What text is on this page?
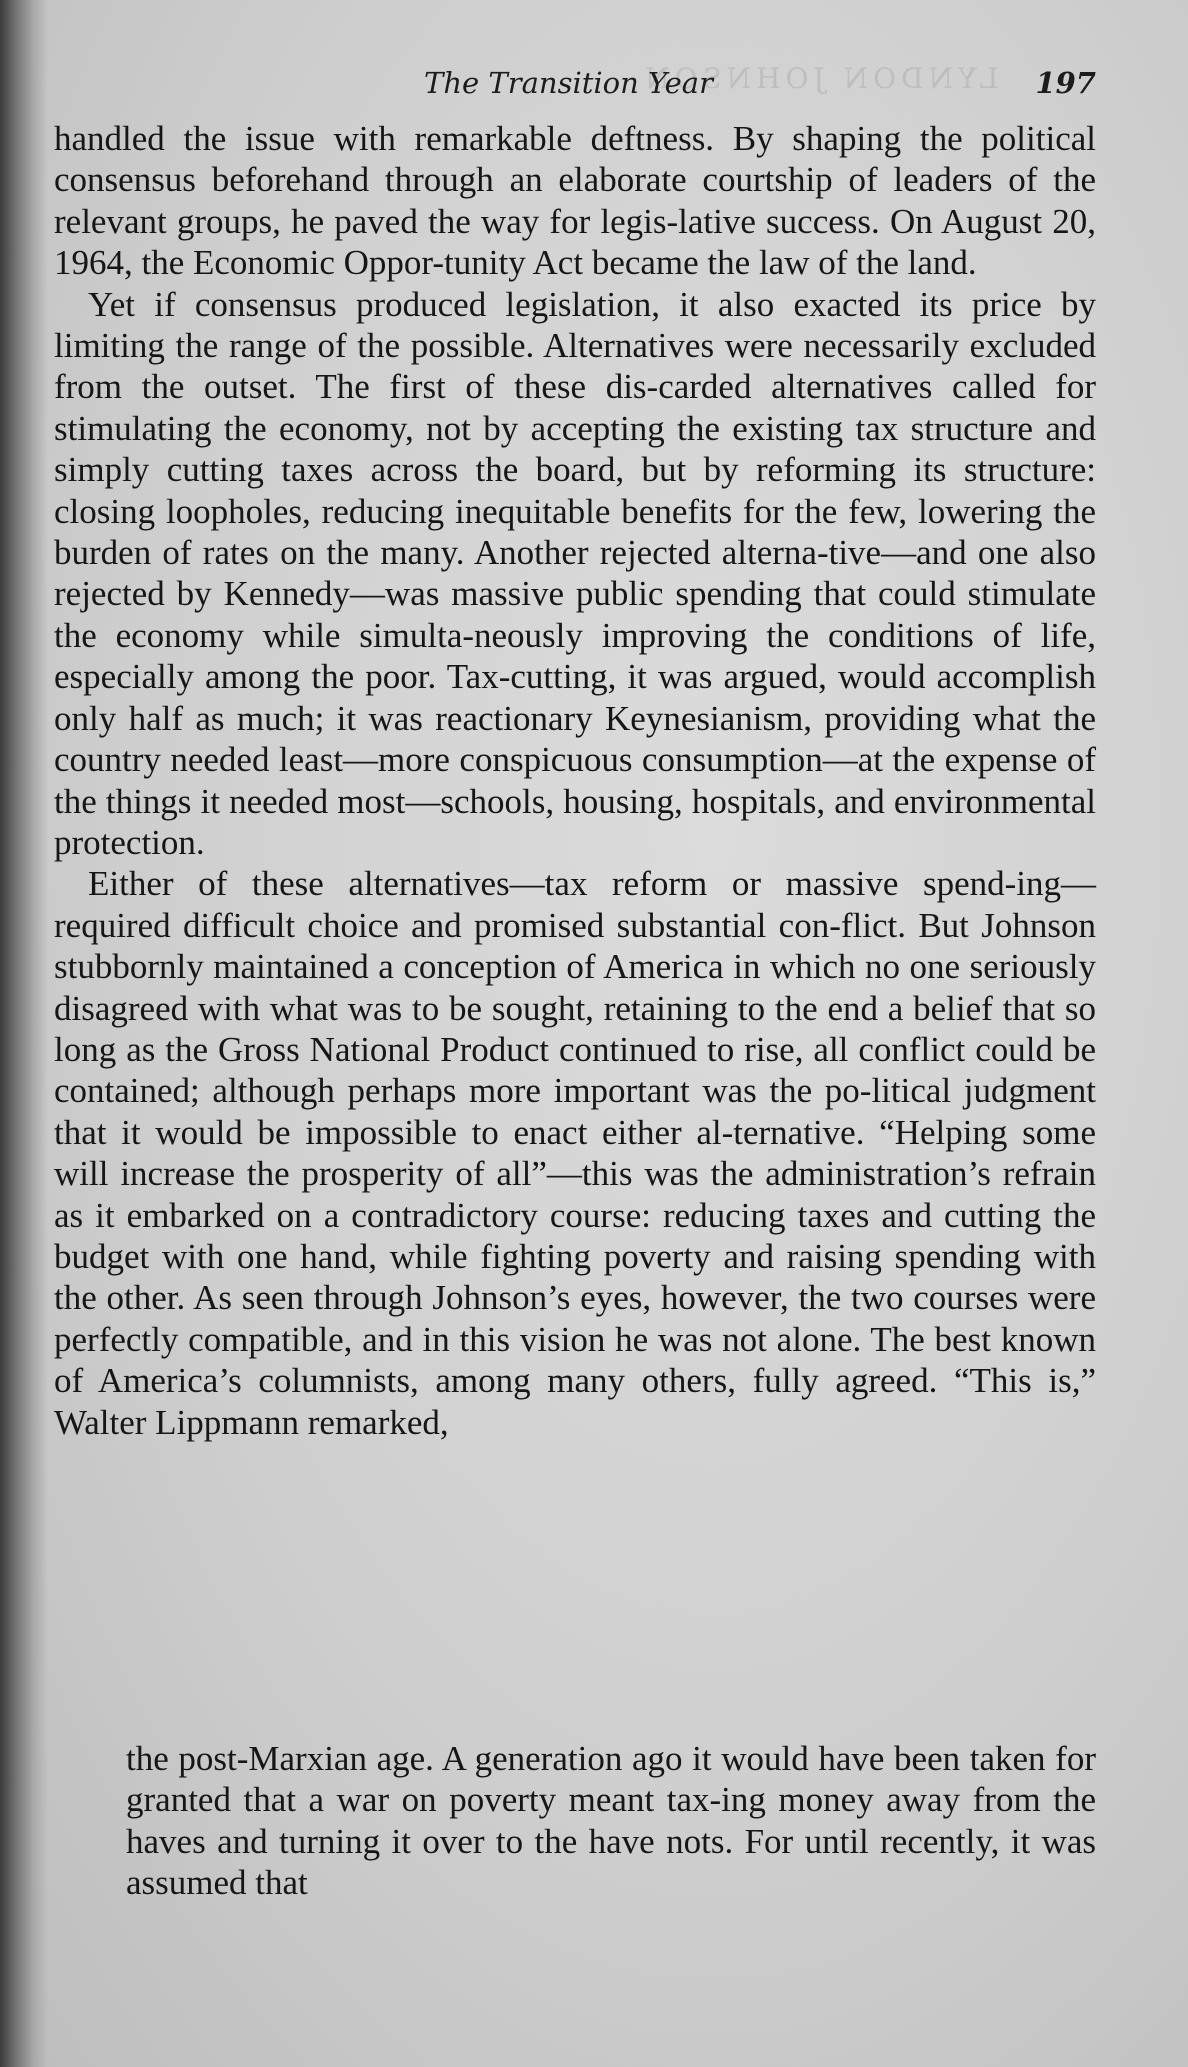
LYNDON JOHNSON
The Transition Year	197

handled the issue with remarkable deftness. By shaping the political consensus beforehand through an elaborate courtship of leaders of the relevant groups, he paved the way for legis-lative success. On August 20, 1964, the Economic Oppor-tunity Act became the law of the land.

Yet if consensus produced legislation, it also exacted its price by limiting the range of the possible. Alternatives were necessarily excluded from the outset. The first of these dis-carded alternatives called for stimulating the economy, not by accepting the existing tax structure and simply cutting taxes across the board, but by reforming its structure: closing loopholes, reducing inequitable benefits for the few, lowering the burden of rates on the many. Another rejected alterna-tive—and one also rejected by Kennedy—was massive public spending that could stimulate the economy while simulta-neously improving the conditions of life, especially among the poor. Tax-cutting, it was argued, would accomplish only half as much; it was reactionary Keynesianism, providing what the country needed least—more conspicuous consumption—at the expense of the things it needed most—schools, housing, hospitals, and environmental protection.

Either of these alternatives—tax reform or massive spend-ing—required difficult choice and promised substantial con-flict. But Johnson stubbornly maintained a conception of America in which no one seriously disagreed with what was to be sought, retaining to the end a belief that so long as the Gross National Product continued to rise, all conflict could be contained; although perhaps more important was the po-litical judgment that it would be impossible to enact either al-ternative. “Helping some will increase the prosperity of all”—this was the administration’s refrain as it embarked on a contradictory course: reducing taxes and cutting the budget with one hand, while fighting poverty and raising spending with the other. As seen through Johnson’s eyes, however, the two courses were perfectly compatible, and in this vision he was not alone. The best known of America’s columnists, among many others, fully agreed. “This is,” Walter Lippmann remarked,

the post-Marxian age. A generation ago it would have been taken for granted that a war on poverty meant tax-ing money away from the haves and turning it over to the have nots. For until recently, it was assumed that
